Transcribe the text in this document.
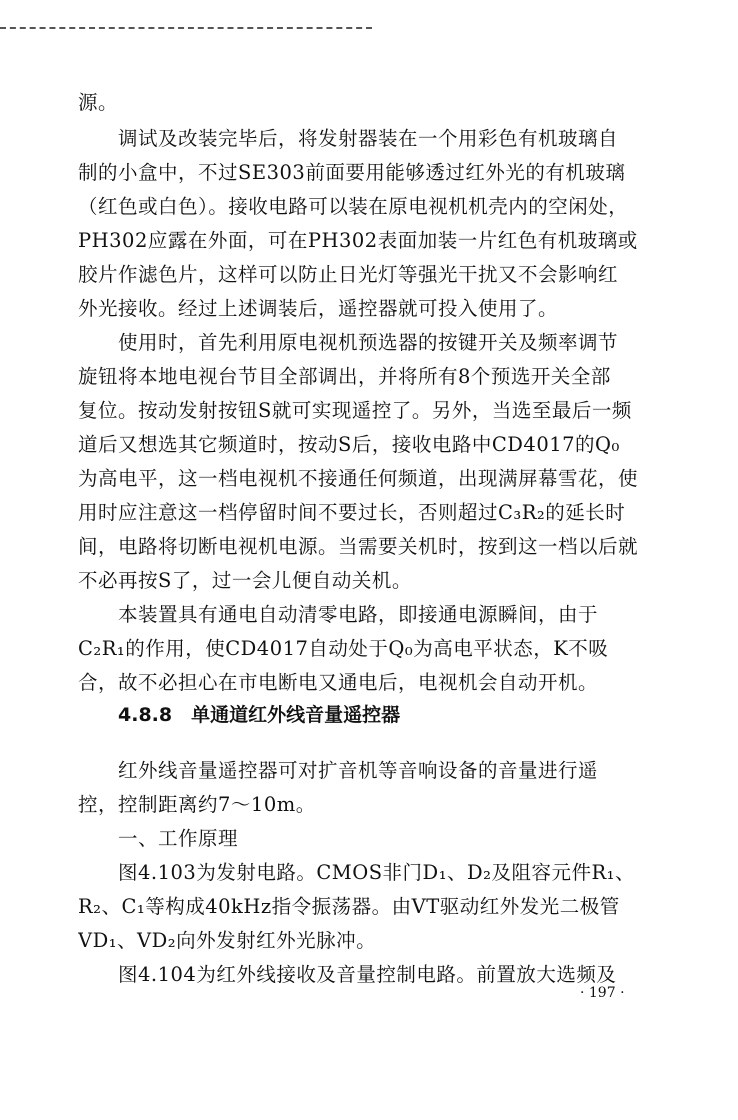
源。
调试及改装完毕后，将发射器装在一个用彩色有机玻璃自
制的小盒中，不过SE303前面要用能够透过红外光的有机玻璃
（红色或白色）。接收电路可以装在原电视机机壳内的空闲处，
PH302应露在外面，可在PH302表面加装一片红色有机玻璃或
胶片作滤色片，这样可以防止日光灯等强光干扰又不会影响红
外光接收。经过上述调装后，遥控器就可投入使用了。
使用时，首先利用原电视机预选器的按键开关及频率调节
旋钮将本地电视台节目全部调出，并将所有8个预选开关全部
复位。按动发射按钮S就可实现遥控了。另外，当选至最后一频
道后又想选其它频道时，按动S后，接收电路中CD4017的Q₀
为高电平，这一档电视机不接通任何频道，出现满屏幕雪花，使
用时应注意这一档停留时间不要过长，否则超过C₃R₂的延长时
间，电路将切断电视机电源。当需要关机时，按到这一档以后就
不必再按S了，过一会儿便自动关机。
本装置具有通电自动清零电路，即接通电源瞬间，由于
C₂R₁的作用，使CD4017自动处于Q₀为高电平状态，K不吸
合，故不必担心在市电断电又通电后，电视机会自动开机。
4.8.8　单通道红外线音量遥控器
红外线音量遥控器可对扩音机等音响设备的音量进行遥
控，控制距离约7～10m。
一、工作原理
图4.103为发射电路。CMOS非门D₁、D₂及阻容元件R₁、
R₂、C₁等构成40kHz指令振荡器。由VT驱动红外发光二极管
VD₁、VD₂向外发射红外光脉冲。
图4.104为红外线接收及音量控制电路。前置放大选频及
· 197 ·
